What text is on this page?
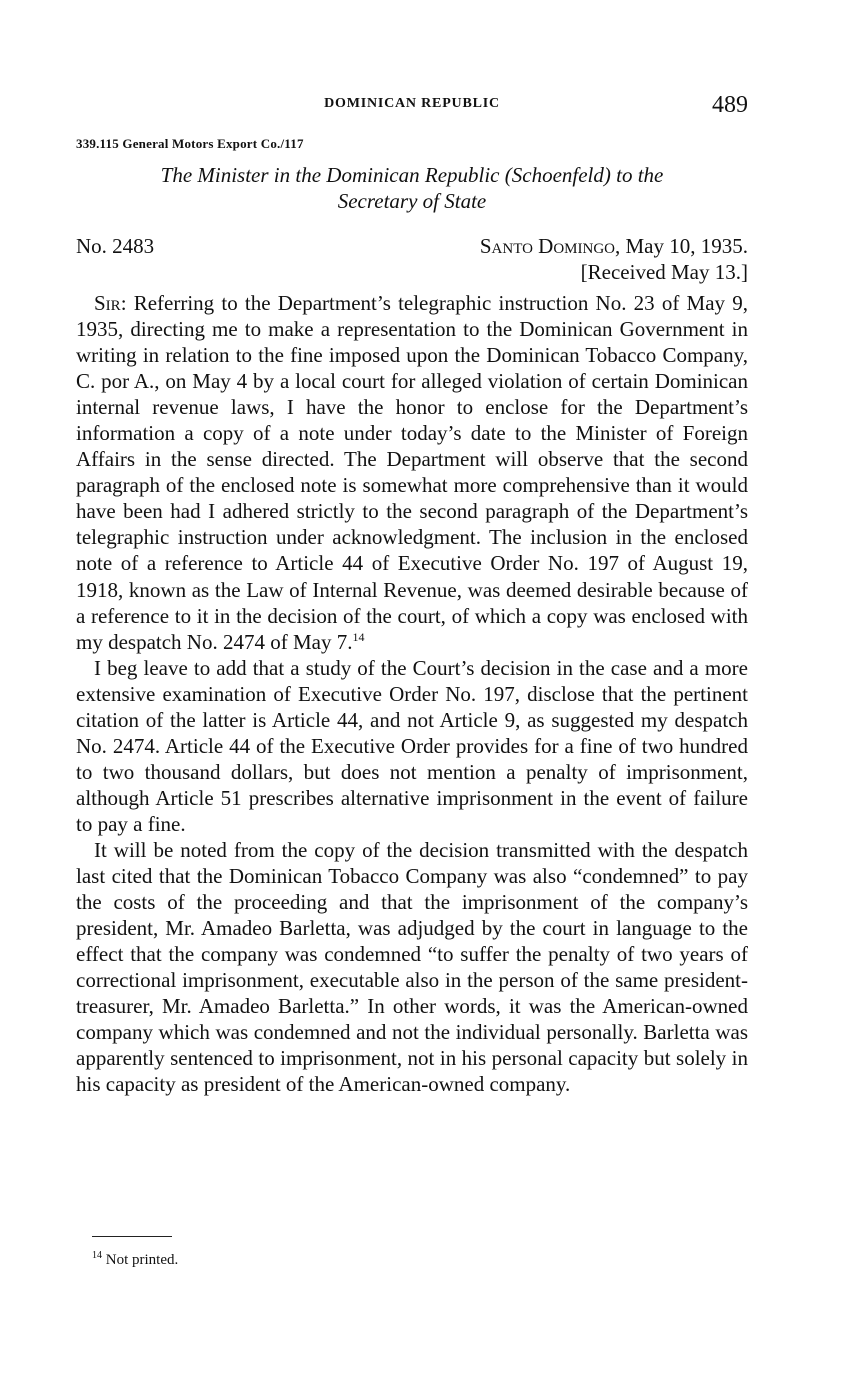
DOMINICAN REPUBLIC	489
339.115 General Motors Export Co./117
The Minister in the Dominican Republic (Schoenfeld) to the
Secretary of State
No. 2483	Santo Domingo, May 10, 1935.
[Received May 13.]

Sir: Referring to the Department’s telegraphic instruction No. 23 of May 9, 1935, directing me to make a representation to the Dominican Government in writing in relation to the fine imposed upon the Dominican Tobacco Company, C. por A., on May 4 by a local court for alleged violation of certain Dominican internal revenue laws, I have the honor to enclose for the Department’s information a copy of a note under today’s date to the Minister of Foreign Affairs in the sense directed. The Department will observe that the second paragraph of the enclosed note is somewhat more comprehensive than it would have been had I adhered strictly to the second paragraph of the Department’s telegraphic instruction under acknowledgment. The inclusion in the enclosed note of a reference to Article 44 of Executive Order No. 197 of August 19, 1918, known as the Law of Internal Revenue, was deemed desirable because of a reference to it in the decision of the court, of which a copy was enclosed with my despatch No. 2474 of May 7.14

I beg leave to add that a study of the Court’s decision in the case and a more extensive examination of Executive Order No. 197, disclose that the pertinent citation of the latter is Article 44, and not Article 9, as suggested my despatch No. 2474. Article 44 of the Executive Order provides for a fine of two hundred to two thousand dollars, but does not mention a penalty of imprisonment, although Article 51 prescribes alternative imprisonment in the event of failure to pay a fine.

It will be noted from the copy of the decision transmitted with the despatch last cited that the Dominican Tobacco Company was also “condemned” to pay the costs of the proceeding and that the imprisonment of the company’s president, Mr. Amadeo Barletta, was adjudged by the court in language to the effect that the company was condemned “to suffer the penalty of two years of correctional imprisonment, executable also in the person of the same president-treasurer, Mr. Amadeo Barletta.” In other words, it was the American-owned company which was condemned and not the individual personally. Barletta was apparently sentenced to imprisonment, not in his personal capacity but solely in his capacity as president of the American-owned company.

$^{14}$ Not printed.
